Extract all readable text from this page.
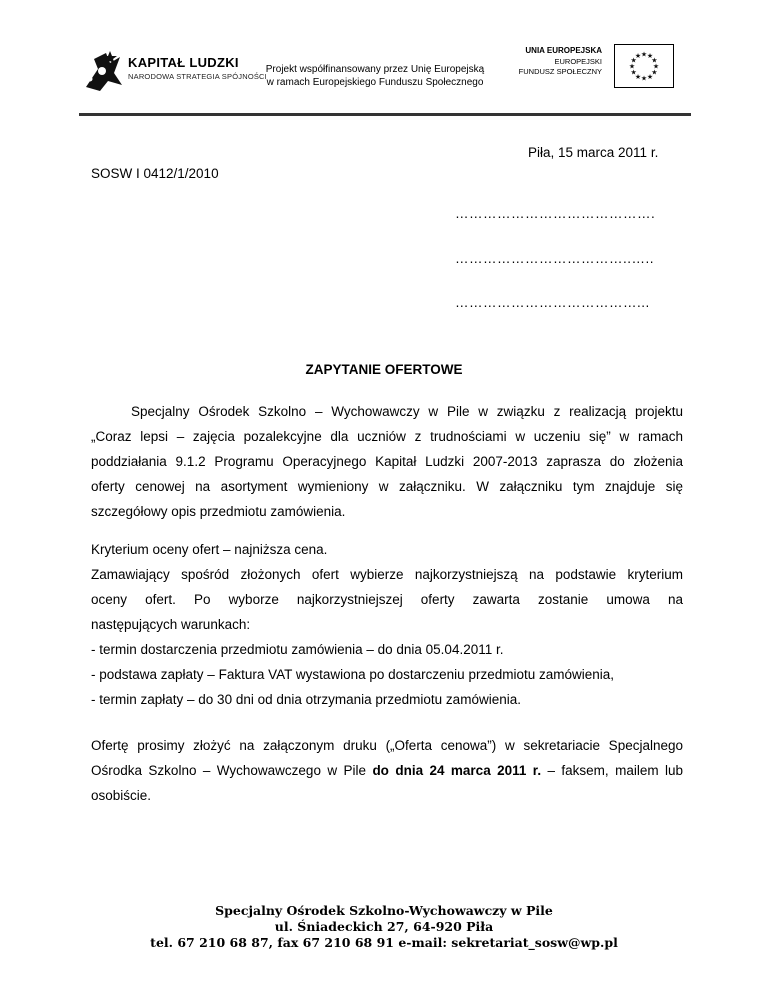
KAPITAŁ LUDZKI
NARODOWA STRATEGIA SPÓJNOŚCI
Projekt współfinansowany przez Unię Europejską
w ramach Europejskiego Funduszu Społecznego
UNIA EUROPEJSKA
EUROPEJSKI
FUNDUSZ SPOŁECZNY
★ ★
★
★
★
★
★
★
★
★
★
★
Piła, 15 marca 2011 r.
SOSW I 0412/1/2010
…………………………………….
………………………………..…..
…………………………………...
ZAPYTANIE OFERTOWE
Specjalny Ośrodek Szkolno – Wychowawczy w Pile w związku z realizacją projektu
„Coraz lepsi – zajęcia pozalekcyjne dla uczniów z trudnościami w uczeniu się” w ramach
poddziałania 9.1.2 Programu Operacyjnego Kapitał Ludzki 2007-2013 zaprasza do złożenia
oferty cenowej na asortyment wymieniony w załączniku. W załączniku tym znajduje się
szczegółowy opis przedmiotu zamówienia.
Kryterium oceny ofert – najniższa cena.
Zamawiający spośród złożonych ofert wybierze najkorzystniejszą na podstawie kryterium
oceny ofert. Po wyborze najkorzystniejszej oferty zawarta zostanie umowa na
następujących warunkach:
- termin dostarczenia przedmiotu zamówienia – do dnia 05.04.2011 r.
- podstawa zapłaty – Faktura VAT wystawiona po dostarczeniu przedmiotu zamówienia,
- termin zapłaty – do 30 dni od dnia otrzymania przedmiotu zamówienia.
Ofertę prosimy złożyć na załączonym druku („Oferta cenowa”) w sekretariacie Specjalnego
Ośrodka Szkolno – Wychowawczego w Pile do dnia 24 marca 2011 r. – faksem, mailem lub
osobiście.
Specjalny Ośrodek Szkolno-Wychowawczy w Pile
ul. Śniadeckich 27, 64-920 Piła
tel. 67 210 68 87, fax 67 210 68 91 e-mail: sekretariat_sosw@wp.pl
